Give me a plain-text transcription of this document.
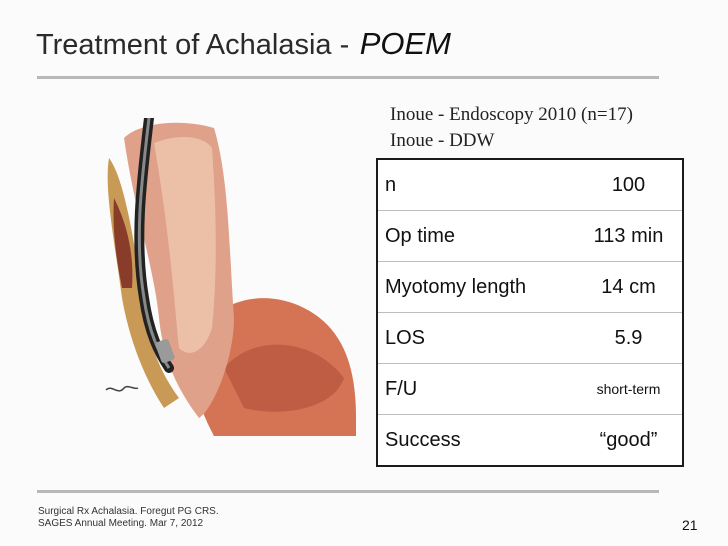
Treatment of Achalasia - POEM
Inoue - Endoscopy 2010 (n=17)
Inoue - DDW
n	100
Op time	113 min
Myotomy length	14 cm
LOS	5.9
F/U	short-term
Success	“good”
Surgical Rx Achalasia. Foregut PG CRS.
SAGES Annual Meeting. Mar 7, 2012	21
